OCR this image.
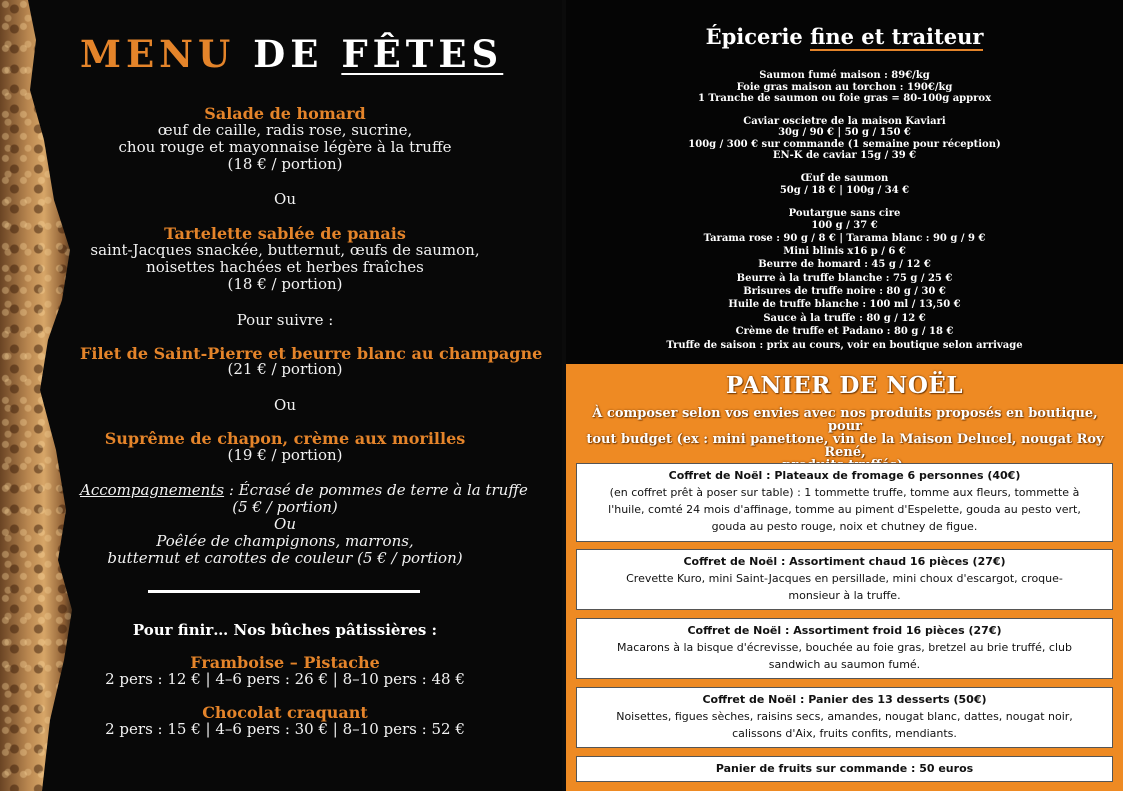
MENU DE FÊTES
Salade de homard
œuf de caille, radis rose, sucrine,
chou rouge et mayonnaise légère à la truffe
(18 € / portion)
Ou
Tartelette sablée de panais
saint-Jacques snackée, butternut, œufs de saumon,
noisettes hachées et herbes fraîches
(18 € / portion)
Pour suivre :
Filet de Saint-Pierre et beurre blanc au champagne
(21 € / portion)
Ou
Suprême de chapon, crème aux morilles
(19 € / portion)
Accompagnements : Écrasé de pommes de terre à la truffe
(5 € / portion)
Ou
Poêlée de champignons, marrons,
butternut et carottes de couleur (5 € / portion)
Pour finir… Nos bûches pâtissières :
Framboise – Pistache
2 pers : 12 € | 4–6 pers : 26 € | 8–10 pers : 48 €
Chocolat craquant
2 pers : 15 € | 4–6 pers : 30 € | 8–10 pers : 52 €
Épicerie fine et traiteur
Saumon fumé maison : 89€/kg
Foie gras maison au torchon : 190€/kg
1 Tranche de saumon ou foie gras = 80-100g approx
Caviar oscietre de la maison Kaviari
30g / 90 € | 50 g / 150 €
100g / 300 € sur commande (1 semaine pour réception)
EN-K de caviar 15g / 39 €
Œuf de saumon
50g / 18 € | 100g / 34 €
Poutargue sans cire
100 g / 37 €
Tarama rose : 90 g / 8 € | Tarama blanc : 90 g / 9 €
Mini blinis x16 p / 6 €
Beurre de homard : 45 g / 12 €
Beurre à la truffe blanche : 75 g / 25 €
Brisures de truffe noire : 80 g / 30 €
Huile de truffe blanche : 100 ml / 13,50 €
Sauce à la truffe : 80 g / 12 €
Crème de truffe et Padano : 80 g / 18 €
Truffe de saison : prix au cours, voir en boutique selon arrivage
PANIER DE NOËL
À composer selon vos envies avec nos produits proposés en boutique, pour
tout budget (ex : mini panettone, vin de la Maison Delucel, nougat Roy René,
Coffret de Noël : Plateaux de fromage 6 personnes (40€)
(en coffret prêt à poser sur table) : 1 tommette truffe, tomme aux fleurs, tommette à
l'huile, comté 24 mois d'affinage, tomme au piment d'Espelette, gouda au pesto vert,
gouda au pesto rouge, noix et chutney de figue.
Coffret de Noël : Assortiment chaud 16 pièces (27€)
Crevette Kuro, mini Saint-Jacques en persillade, mini choux d'escargot, croque-
monsieur à la truffe.
Coffret de Noël : Assortiment froid 16 pièces (27€)
Macarons à la bisque d'écrevisse, bouchée au foie gras, bretzel au brie truffé, club
sandwich au saumon fumé.
Coffret de Noël : Panier des 13 desserts (50€)
Noisettes, figues sèches, raisins secs, amandes, nougat blanc, dattes, nougat noir,
calissons d'Aix, fruits confits, mendiants.
Panier de fruits sur commande : 50 euros
